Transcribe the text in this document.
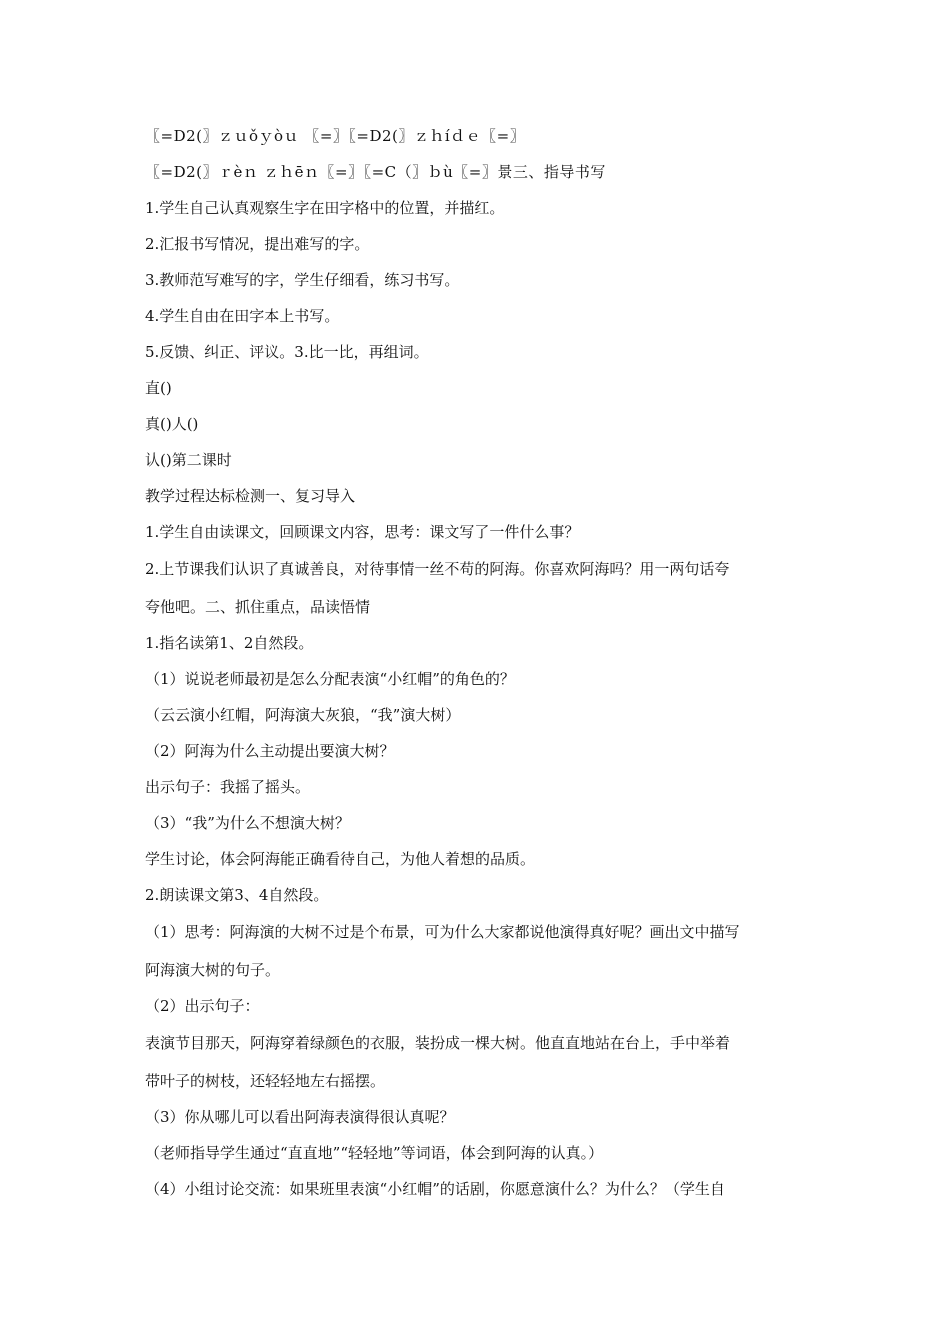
〖=D2(〗ｚｕǒｙòｕ 〖=〗〖=D2(〗ｚｈíｄｅ〖=〗
〖=D2(〗ｒèｎ ｚｈēｎ〖=〗〖=C（〗ｂù〖=〗景三、指导书写
1.学生自己认真观察生字在田字格中的位置，并描红。
2.汇报书写情况，提出难写的字。
3.教师范写难写的字，学生仔细看，练习书写。
4.学生自由在田字本上书写。
5.反馈、纠正、评议。3.比一比，再组词。
直()
真()人()
认()第二课时
教学过程达标检测一、复习导入
1.学生自由读课文，回顾课文内容，思考：课文写了一件什么事？
2.上节课我们认识了真诚善良，对待事情一丝不苟的阿海。你喜欢阿海吗？用一两句话夸
夸他吧。二、抓住重点，品读悟情
1.指名读第1、2自然段。
（1）说说老师最初是怎么分配表演“小红帽”的角色的？
（云云演小红帽，阿海演大灰狼，“我”演大树）
（2）阿海为什么主动提出要演大树？
出示句子：我摇了摇头。
（3）“我”为什么不想演大树？
学生讨论，体会阿海能正确看待自己，为他人着想的品质。
2.朗读课文第3、4自然段。
（1）思考：阿海演的大树不过是个布景，可为什么大家都说他演得真好呢？画出文中描写
阿海演大树的句子。
（2）出示句子：
表演节目那天，阿海穿着绿颜色的衣服，装扮成一棵大树。他直直地站在台上，手中举着
带叶子的树枝，还轻轻地左右摇摆。
（3）你从哪儿可以看出阿海表演得很认真呢？
（老师指导学生通过“直直地”“轻轻地”等词语，体会到阿海的认真。）
（4）小组讨论交流：如果班里表演“小红帽”的话剧，你愿意演什么？为什么？（学生自
